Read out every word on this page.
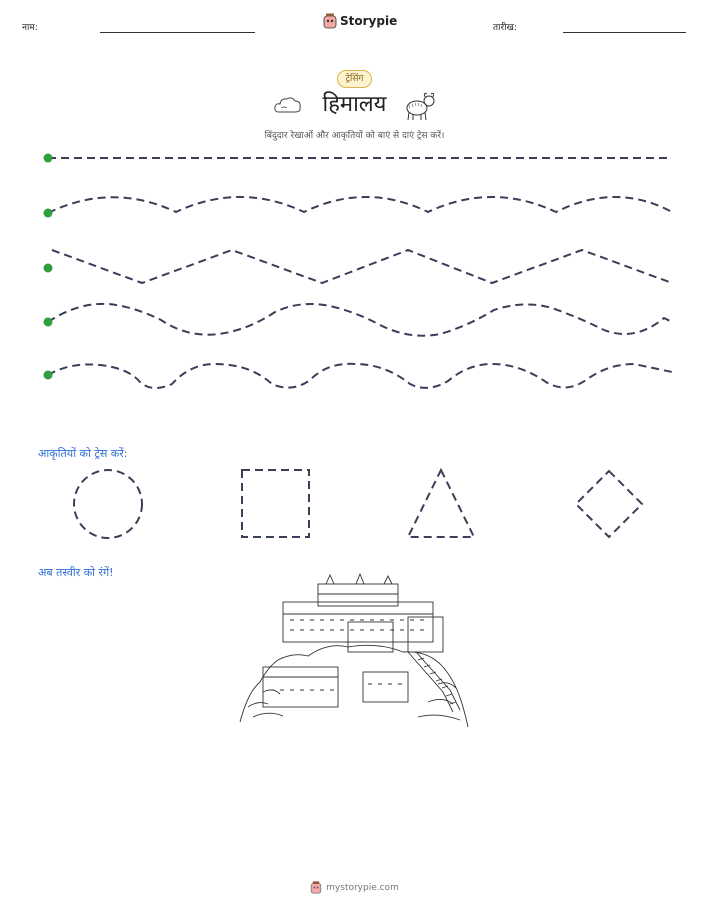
नाम:	Storypie	तारीख:
ट्रेसिंग
हिमालय
बिंदुदार रेखाओं और आकृतियों को बाएं से दाएं ट्रेस करें।
आकृतियों को ट्रेस करें:
अब तस्वीर को रंगें!
mystorypie.com
